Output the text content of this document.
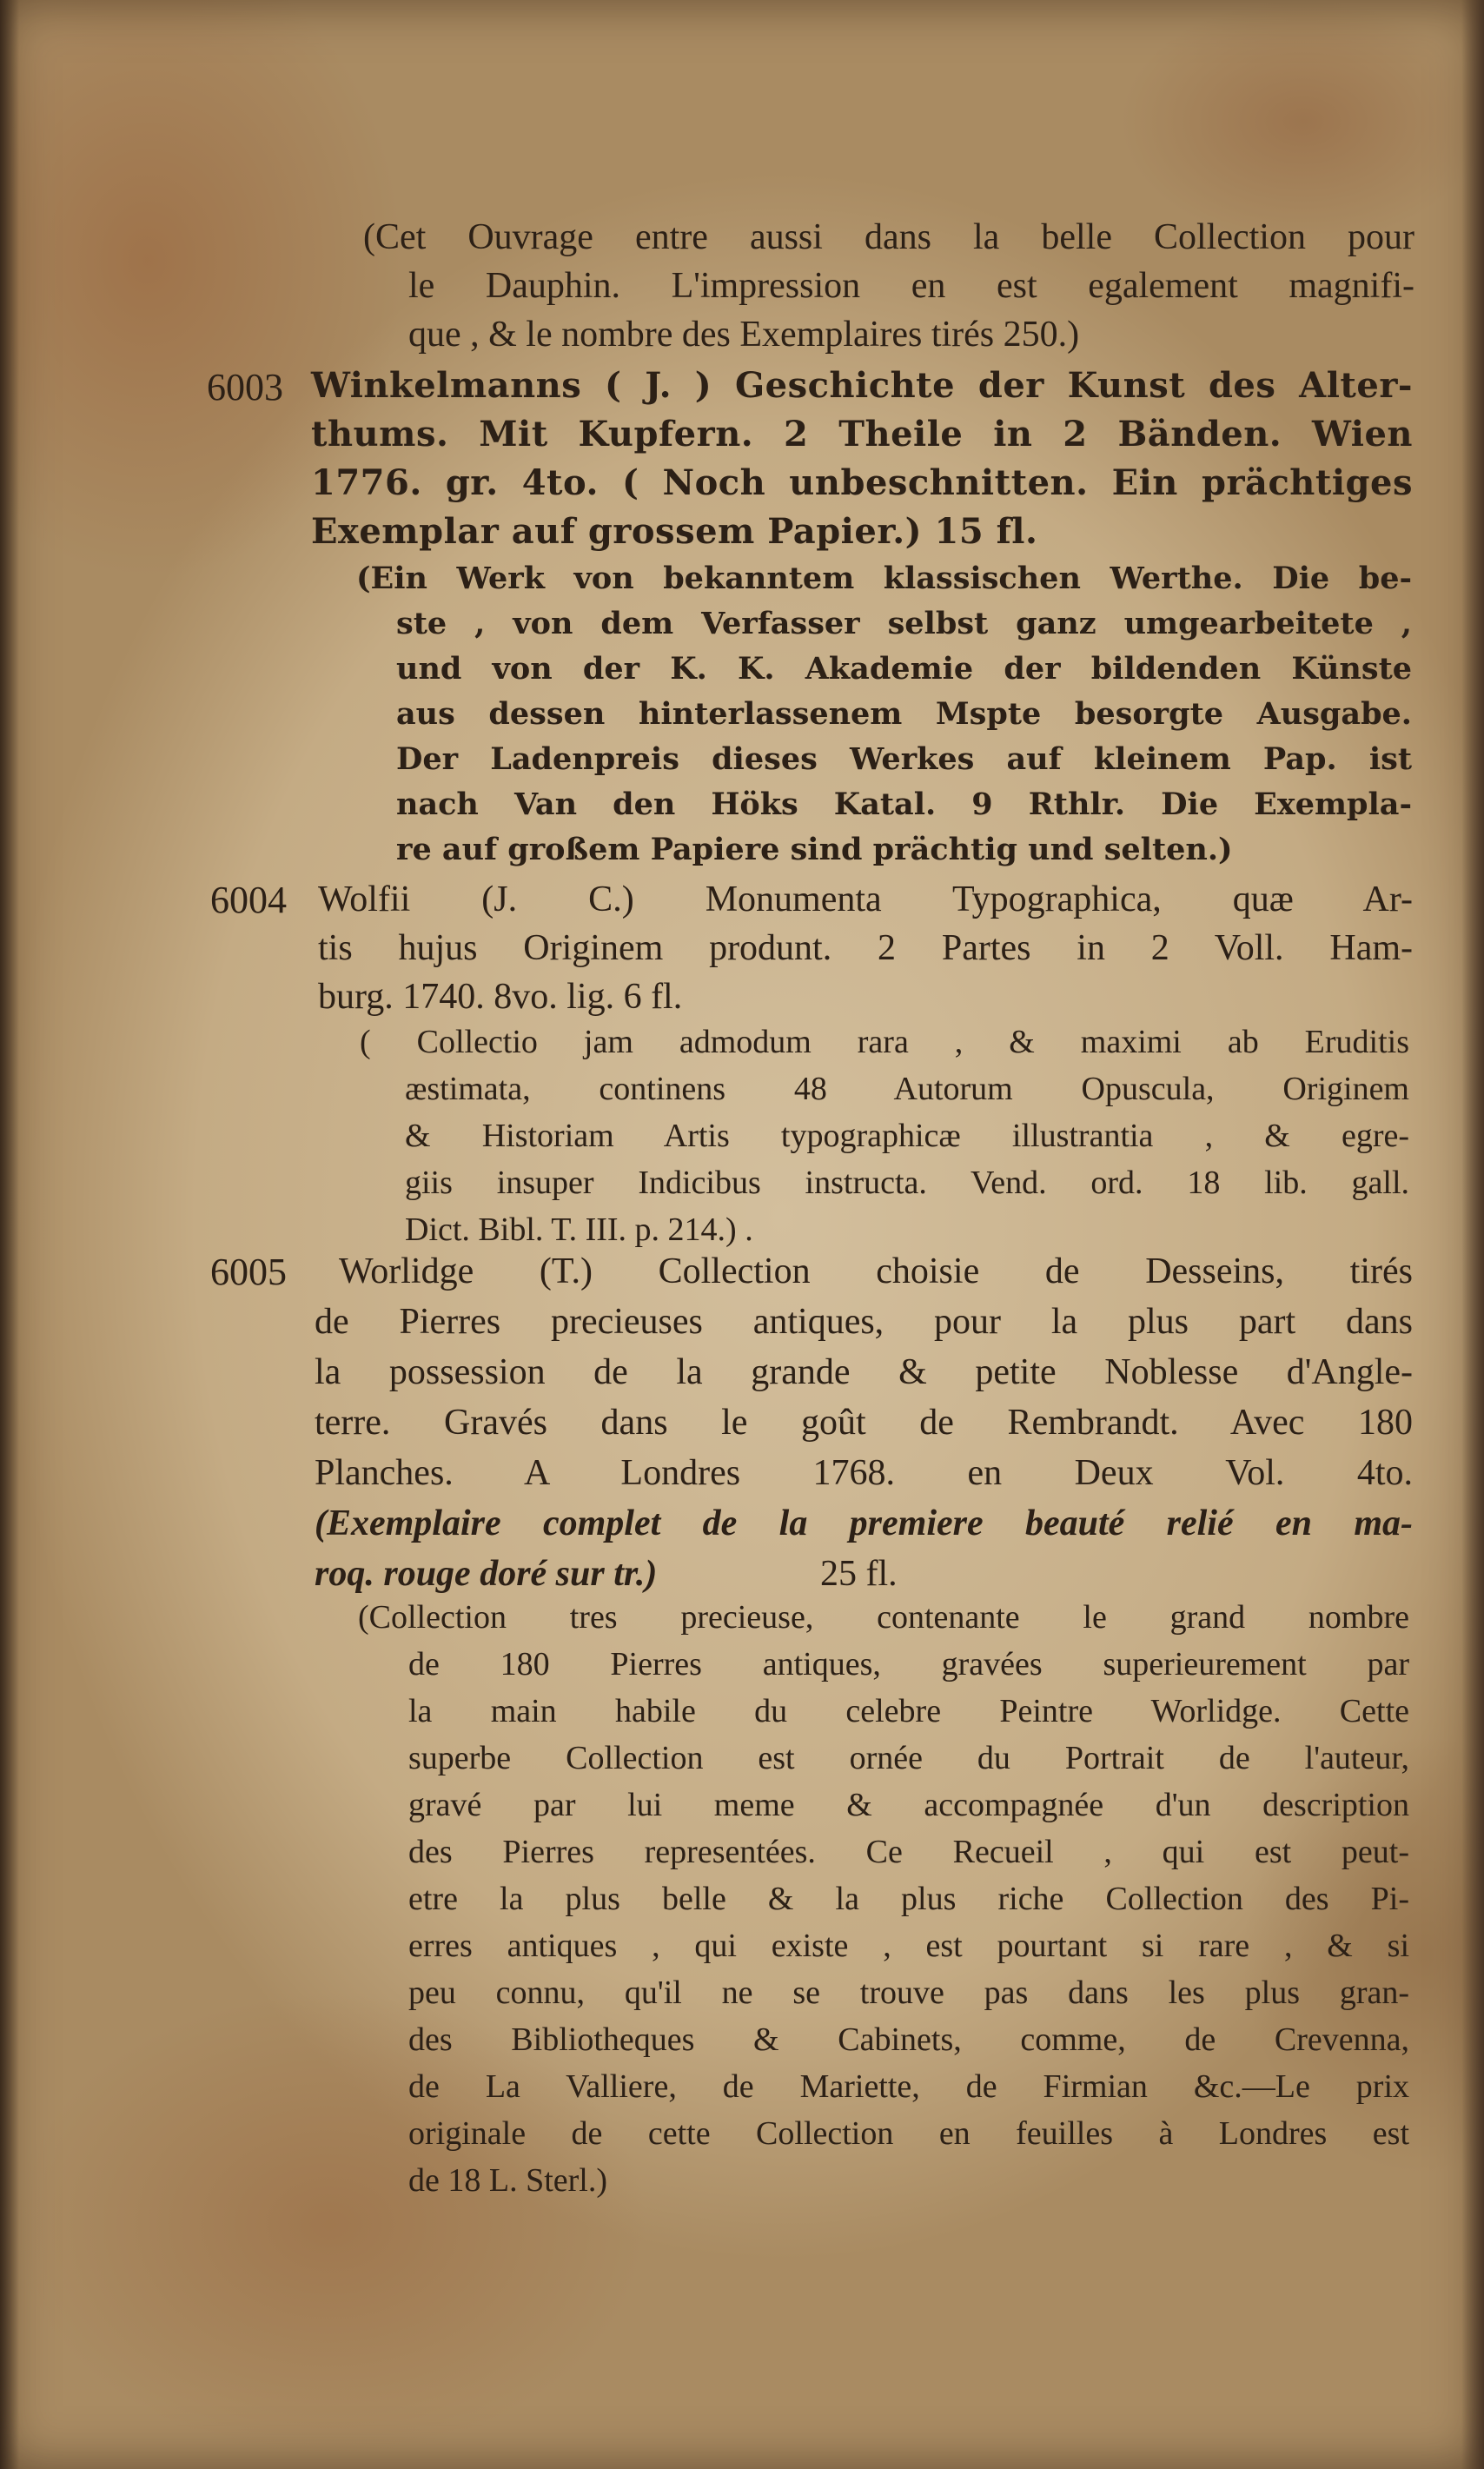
(Cet Ouvrage entre aussi dans la belle Collection pour
le Dauphin. L'impression en est egalement magnifi-
que , & le nombre des Exemplaires tirés 250.)
6003 Winkelmanns ( J. ) Geschichte der Kunst des Alter-
thums. Mit Kupfern. 2 Theile in 2 Bänden. Wien
1776. gr. 4to. ( Noch unbeschnitten. Ein prächtiges
Exemplar auf grossem Papier.) 15 fl.
(Ein Werk von bekanntem klassischen Werthe. Die be-
ste , von dem Verfasser selbst ganz umgearbeitete ,
und von der K. K. Akademie der bildenden Künste
aus dessen hinterlassenem Mspte besorgte Ausgabe.
Der Ladenpreis dieses Werkes auf kleinem Pap. ist
nach Van den Höks Katal. 9 Rthlr. Die Exempla-
re auf großem Papiere sind prächtig und selten.)
6004 Wolfii (J. C.) Monumenta Typographica, quæ Ar-
tis hujus Originem produnt. 2 Partes in 2 Voll. Ham-
burg. 1740. 8vo. lig. 6 fl.
( Collectio jam admodum rara , & maximi ab Eruditis
æstimata, continens 48 Autorum Opuscula, Originem
& Historiam Artis typographicæ illustrantia , & egre-
giis insuper Indicibus instructa. Vend. ord. 18 lib. gall.
Dict. Bibl. T. III. p. 214.) .
6005 Worlidge (T.) Collection choisie de Desseins, tirés
de Pierres precieuses antiques, pour la plus part dans
la possession de la grande & petite Noblesse d'Angle-
terre. Gravés dans le goût de Rembrandt. Avec 180
Planches. A Londres 1768. en Deux Vol. 4to.
(Exemplaire complet de la premiere beauté relié en ma-
roq. rouge doré sur tr.)	25 fl.
(Collection tres precieuse, contenante le grand nombre
de 180 Pierres antiques, gravées superieurement par
la main habile du celebre Peintre Worlidge. Cette
superbe Collection est ornée du Portrait de l'auteur,
gravé par lui meme & accompagnée d'un description
des Pierres representées. Ce Recueil , qui est peut-
etre la plus belle & la plus riche Collection des Pi-
erres antiques , qui existe , est pourtant si rare , & si
peu connu, qu'il ne se trouve pas dans les plus gran-
des Bibliotheques & Cabinets, comme, de Crevenna,
de La Valliere, de Mariette, de Firmian &c.—Le prix
originale de cette Collection en feuilles à Londres est
de 18 L. Sterl.)
